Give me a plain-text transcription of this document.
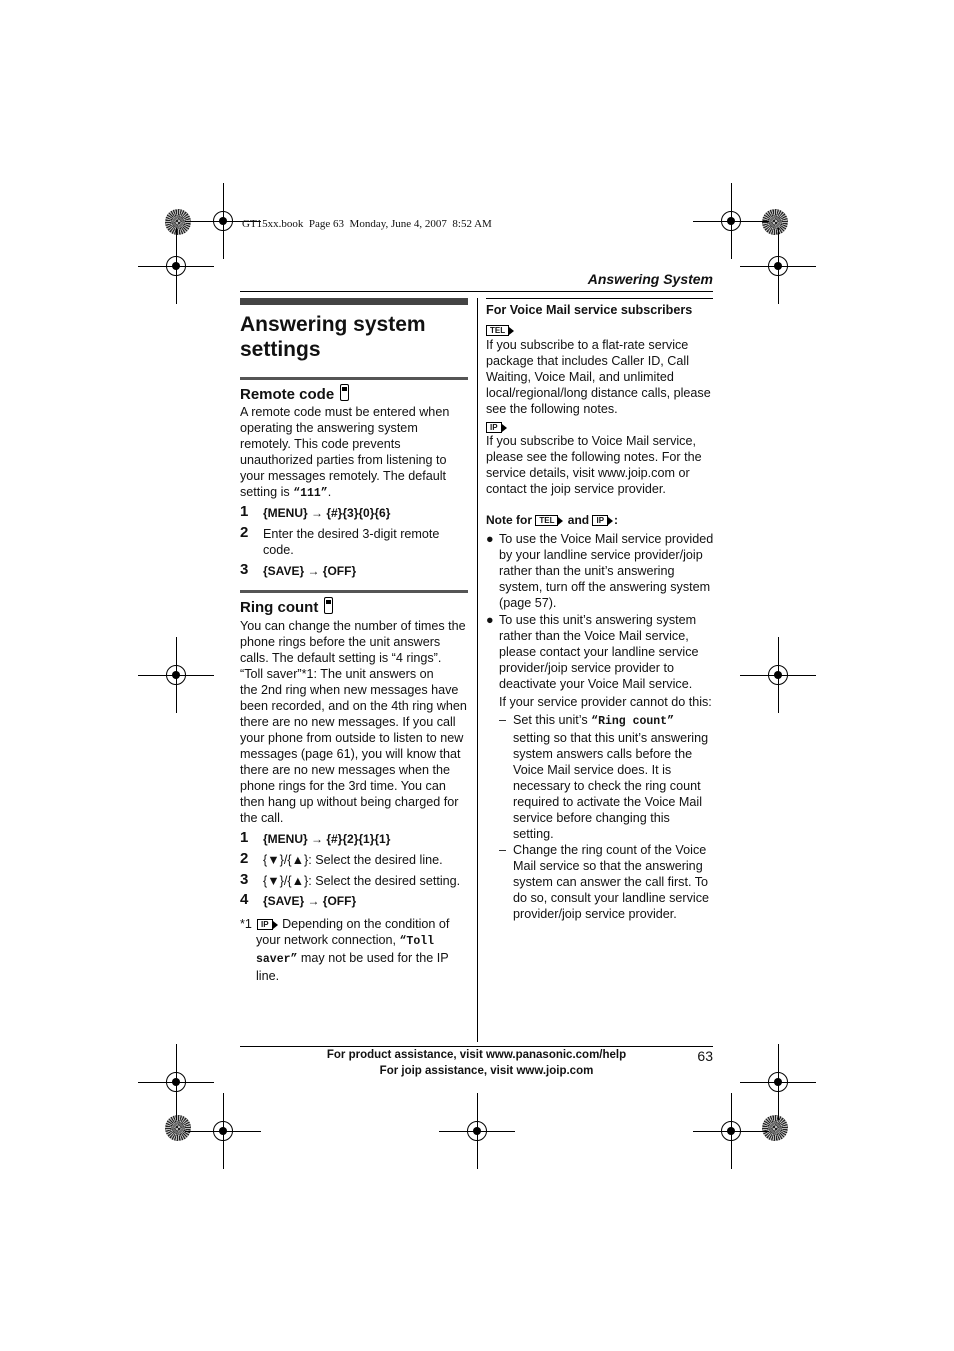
GT15xx.book  Page 63  Monday, June 4, 2007  8:52 AM
Answering System
Answering system
settings
Remote code
A remote code must be entered when
operating the answering system
remotely. This code prevents
unauthorized parties from listening to
your messages remotely. The default
setting is “111”.
1 {MENU} → {#}{3}{0}{6}
2 Enter the desired 3-digit remote
code.
3 {SAVE} → {OFF}
Ring count
You can change the number of times the
phone rings before the unit answers
calls. The default setting is “4 rings”.
“Toll saver”*1: The unit answers on
the 2nd ring when new messages have
been recorded, and on the 4th ring when
there are no new messages. If you call
your phone from outside to listen to new
messages (page 61), you will know that
there are no new messages when the
phone rings for the 3rd time. You can
then hang up without being charged for
the call.
1 {MENU} → {#}{2}{1}{1}
2 {▼}/{▲}: Select the desired line.
3 {▼}/{▲}: Select the desired setting.
4 {SAVE} → {OFF}
*1	IP Depending on the condition of
your network connection, “Toll
saver” may not be used for the IP
line.
For Voice Mail service subscribers
TEL
If you subscribe to a flat-rate service
package that includes Caller ID, Call
Waiting, Voice Mail, and unlimited
local/regional/long distance calls, please
see the following notes.
IP
If you subscribe to Voice Mail service,
please see the following notes. For the
service details, visit www.joip.com or
contact the joip service provider.
Note for TEL and IP :
● To use the Voice Mail service provided
by your landline service provider/joip
rather than the unit’s answering
system, turn off the answering system
(page 57).
● To use this unit’s answering system
rather than the Voice Mail service,
please contact your landline service
provider/joip service provider to
deactivate your Voice Mail service.
If your service provider cannot do this:
– Set this unit’s “Ring count”
setting so that this unit’s answering
system answers calls before the
Voice Mail service does. It is
necessary to check the ring count
required to activate the Voice Mail
service before changing this
setting.
– Change the ring count of the Voice
Mail service so that the answering
system can answer the call first. To
do so, consult your landline service
provider/joip service provider.
For product assistance, visit www.panasonic.com/help
For joip assistance, visit www.joip.com
63
